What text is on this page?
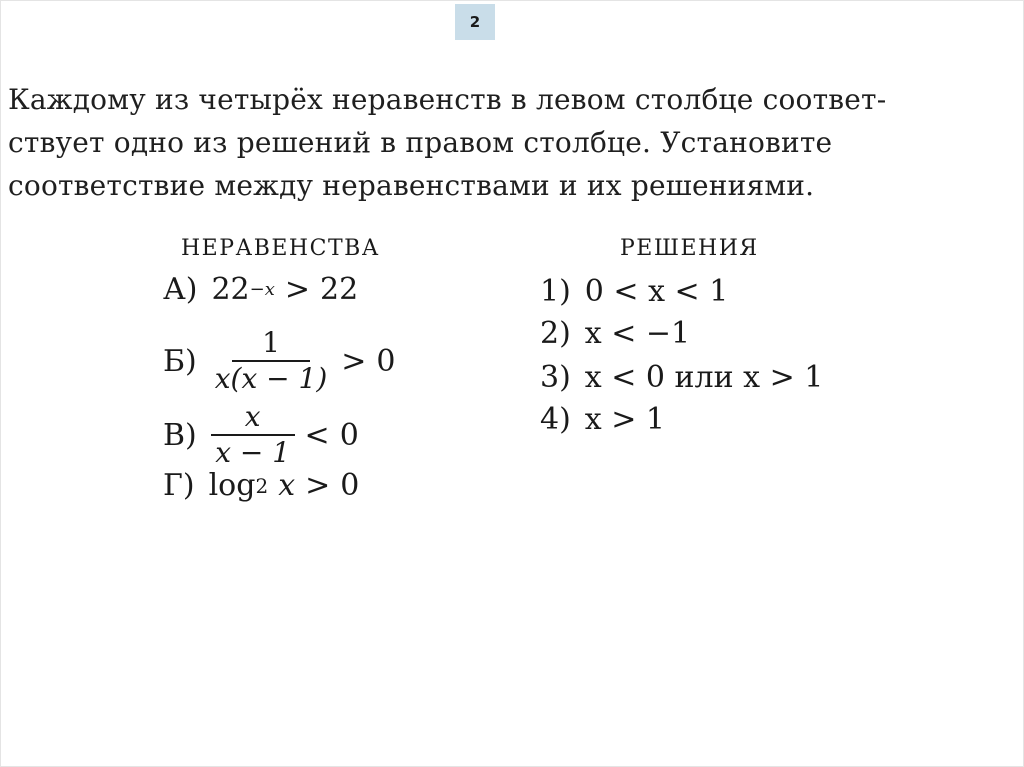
2
Каждому из четырёх неравенств в левом столбце соответ-
ствует одно из решений в правом столбце. Установите
соответствие между неравенствами и их решениями.
НЕРАВЕНСТВА
А) 22 −x > 22
$Б) \frac{1}{x(x - 1)} > 0$
$В) \frac{x}{x - 1} < 0$
Г) log 2 x > 0
РЕШЕНИЯ
1) 0 < x < 1
2) x < −1
3) x < 0 или x > 1
4) x > 1
